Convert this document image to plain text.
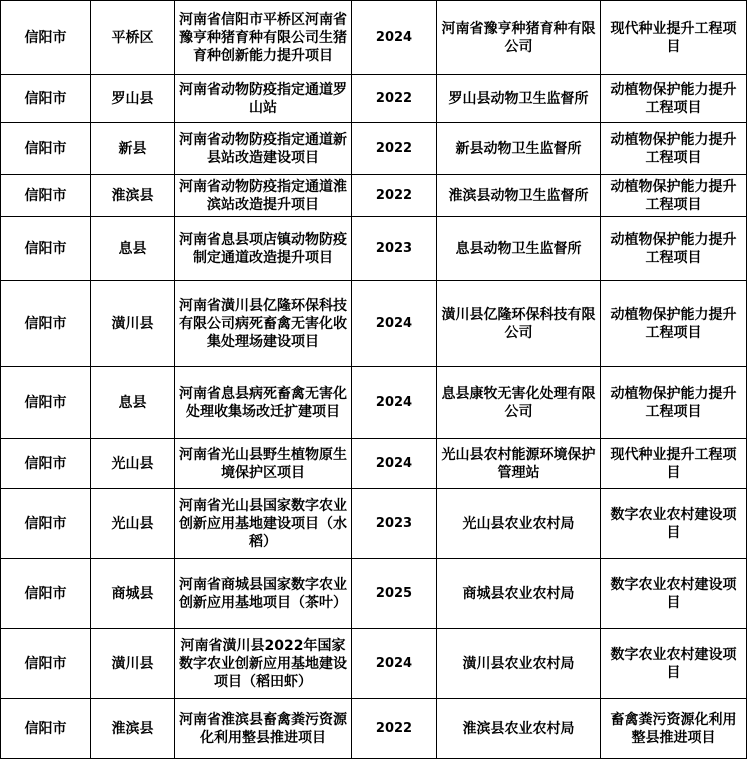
信阳市	平桥区	河南省信阳市平桥区河南省豫亨种猪育种有限公司生猪育种创新能力提升项目	2024	河南省豫亨种猪育种有限公司	现代种业提升工程项目
信阳市	罗山县	河南省动物防疫指定通道罗山站	2022	罗山县动物卫生监督所	动植物保护能力提升工程项目
信阳市	新县	河南省动物防疫指定通道新县站改造建设项目	2022	新县动物卫生监督所	动植物保护能力提升工程项目
信阳市	淮滨县	河南省动物防疫指定通道淮滨站改造提升项目	2022	淮滨县动物卫生监督所	动植物保护能力提升工程项目
信阳市	息县	河南省息县项店镇动物防疫制定通道改造提升项目	2023	息县动物卫生监督所	动植物保护能力提升工程项目
信阳市	潢川县	河南省潢川县亿隆环保科技有限公司病死畜禽无害化收集处理场建设项目	2024	潢川县亿隆环保科技有限公司	动植物保护能力提升工程项目
信阳市	息县	河南省息县病死畜禽无害化处理收集场改迁扩建项目	2024	息县康牧无害化处理有限公司	动植物保护能力提升工程项目
信阳市	光山县	河南省光山县野生植物原生境保护区项目	2024	光山县农村能源环境保护管理站	现代种业提升工程项目
信阳市	光山县	河南省光山县国家数字农业创新应用基地建设项目（水稻）	2023	光山县农业农村局	数字农业农村建设项目
信阳市	商城县	河南省商城县国家数字农业创新应用基地项目（茶叶）	2025	商城县农业农村局	数字农业农村建设项目
信阳市	潢川县	河南省潢川县2022年国家数字农业创新应用基地建设项目（稻田虾）	2024	潢川县农业农村局	数字农业农村建设项目
信阳市	淮滨县	河南省淮滨县畜禽粪污资源化利用整县推进项目	2022	淮滨县农业农村局	畜禽粪污资源化利用整县推进项目
